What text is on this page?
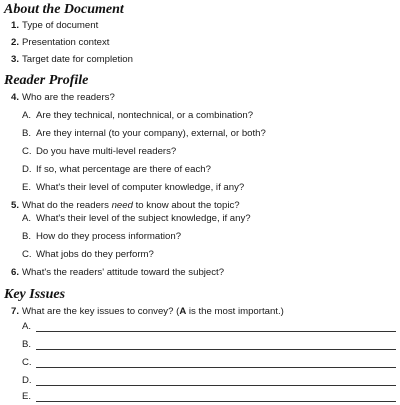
About the Document
1. Type of document
2. Presentation context
3. Target date for completion
Reader Profile
4. Who are the readers?
A. Are they technical, nontechnical, or a combination?
B. Are they internal (to your company), external, or both?
C. Do you have multi-level readers?
D. If so, what percentage are there of each?
E. What's their level of computer knowledge, if any?
5. What do the readers need to know about the topic?
A. What's their level of the subject knowledge, if any?
B. How do they process information?
C. What jobs do they perform?
6. What's the readers' attitude toward the subject?
Key Issues
7. What are the key issues to convey? (A is the most important.)
A.
B.
C.
D.
E.
